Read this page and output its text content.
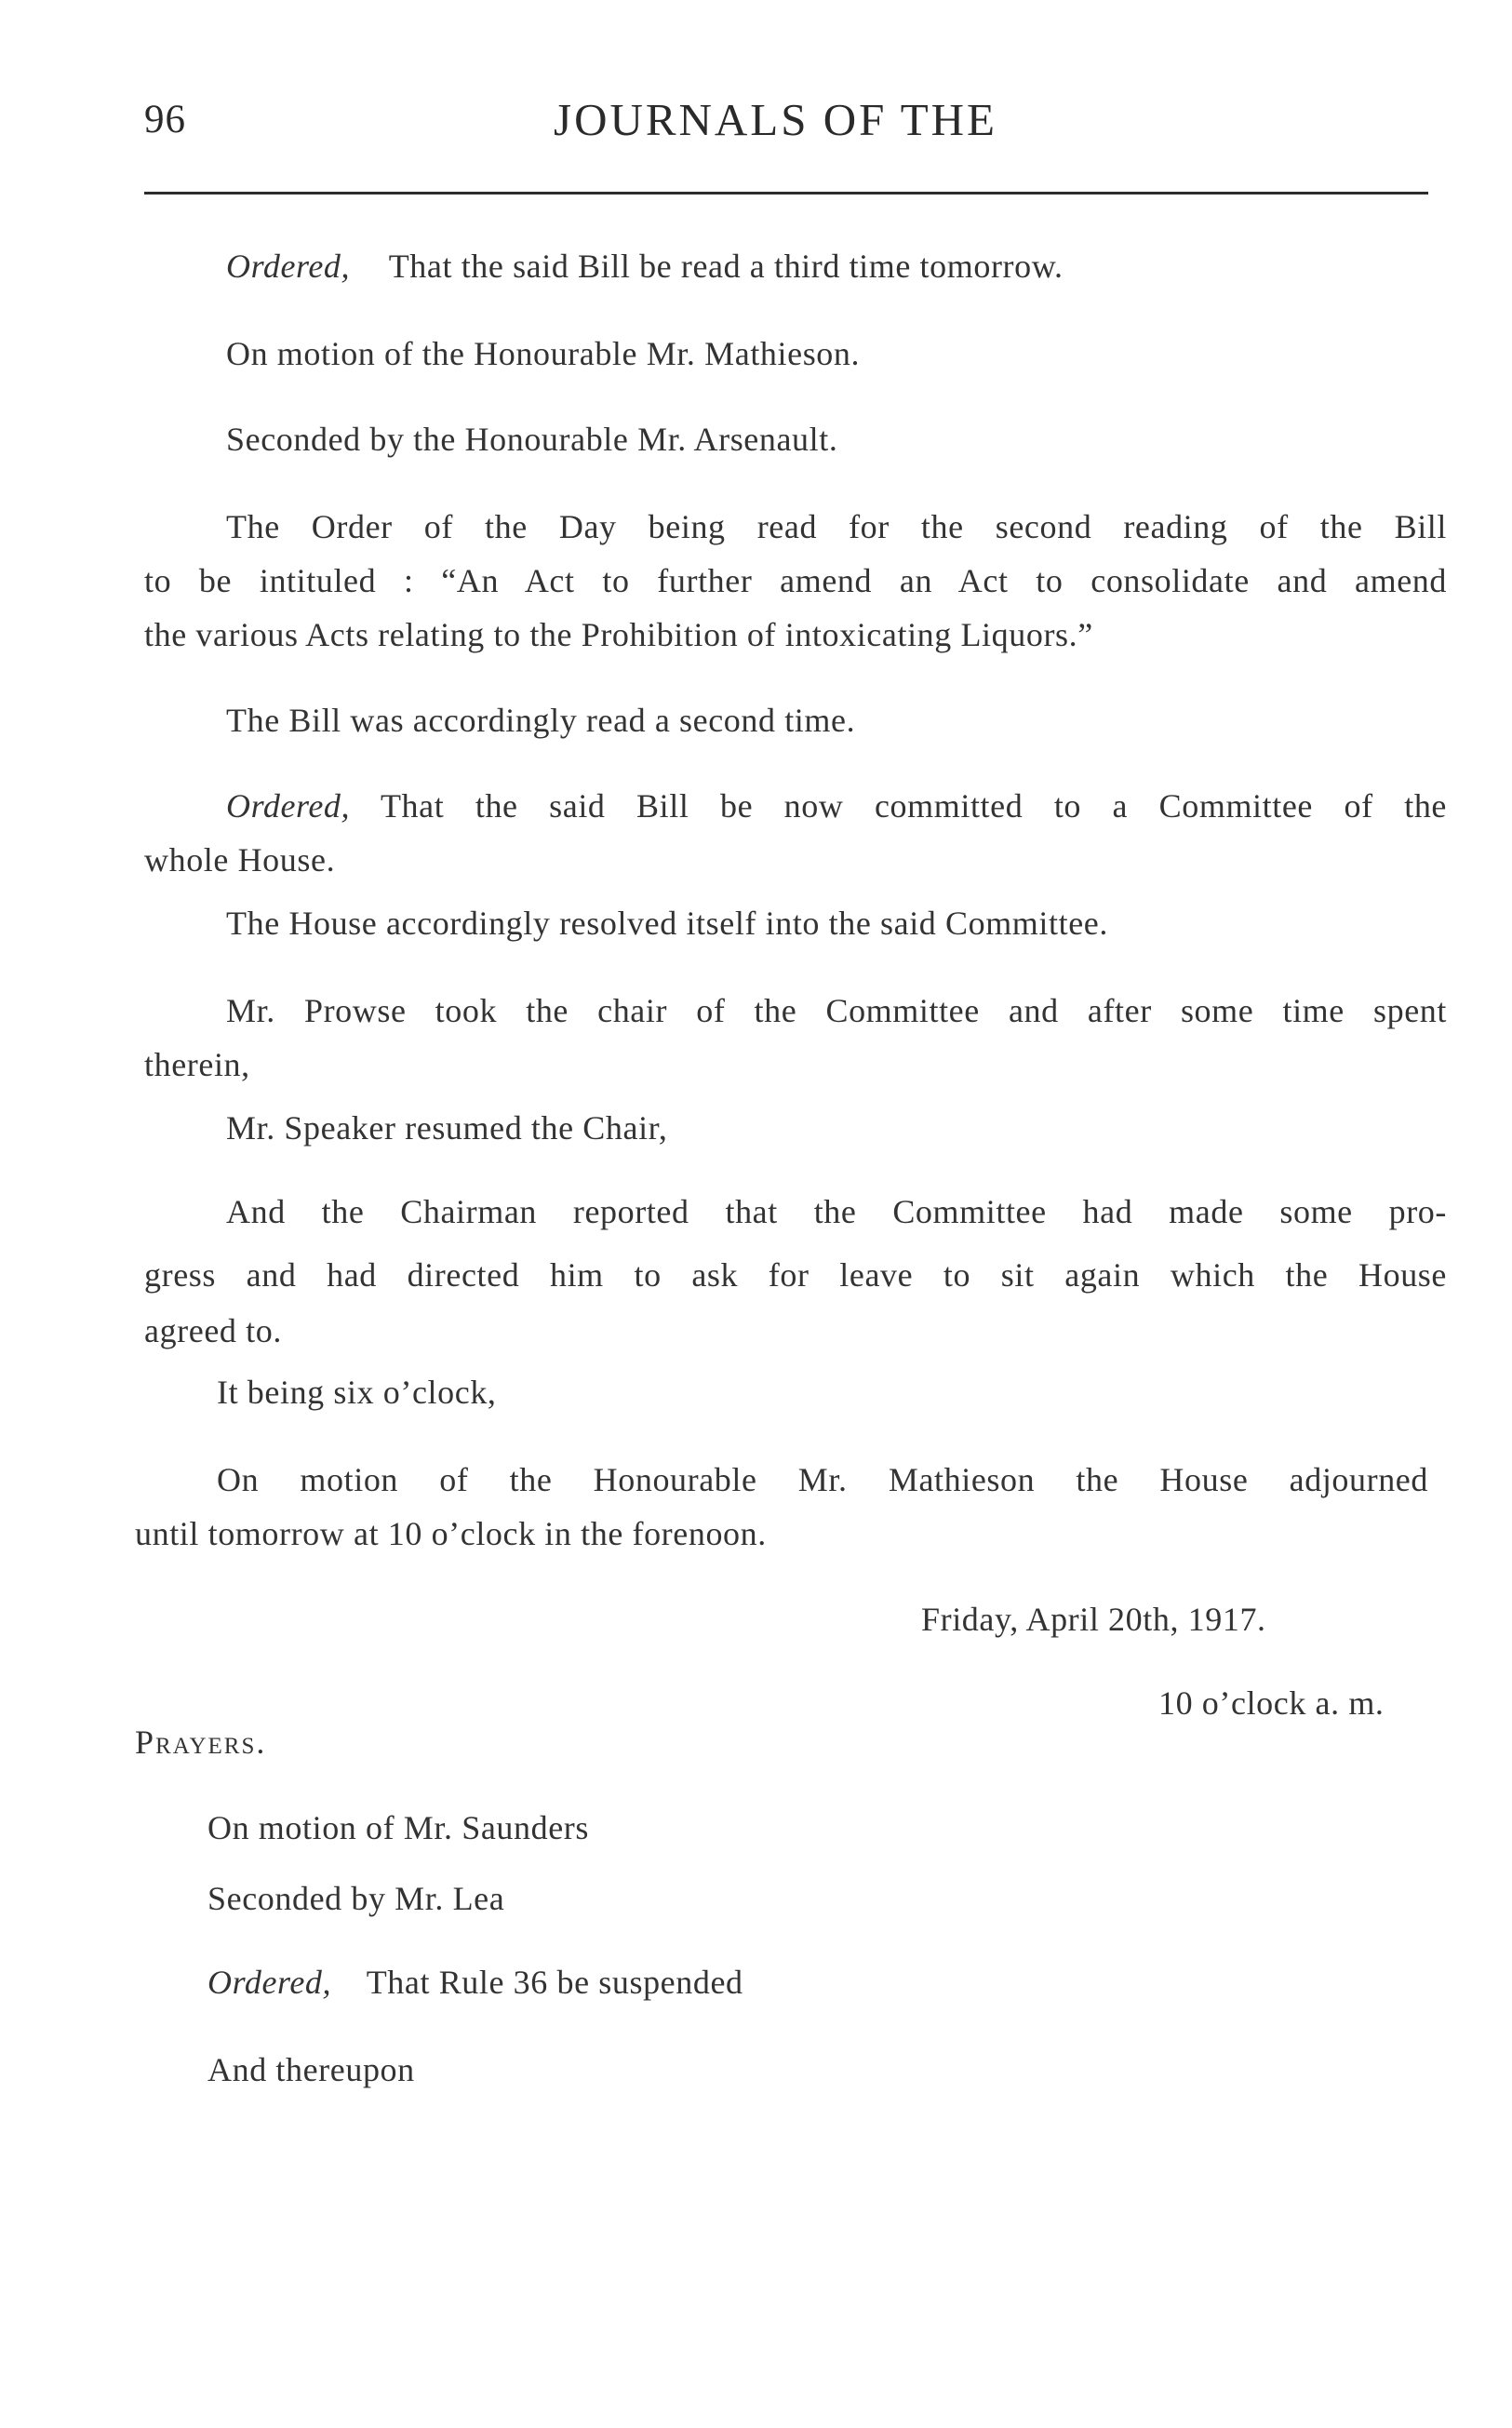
96	JOURNALS OF THE
Ordered, That the said Bill be read a third time tomorrow.
On motion of the Honourable Mr. Mathieson.
Seconded by the Honourable Mr. Arsenault.
The Order of the Day being read for the second reading of the Bill
to be intituled : “An Act to further amend an Act to consolidate and amend
the various Acts relating to the Prohibition of intoxicating Liquors.”
The Bill was accordingly read a second time.
Ordered, That the said Bill be now committed to a Committee of the
whole House.
The House accordingly resolved itself into the said Committee.
Mr. Prowse took the chair of the Committee and after some time spent
therein,
Mr. Speaker resumed the Chair,
And the Chairman reported that the Committee had made some pro-
gress and had directed him to ask for leave to sit again which the House
agreed to.
It being six o’clock,
On motion of the Honourable Mr. Mathieson the House adjourned
until tomorrow at 10 o’clock in the forenoon.
Friday, April 20th, 1917.
10 o’clock a. m.
Prayers.
On motion of Mr. Saunders
Seconded by Mr. Lea
Ordered, That Rule 36 be suspended
And thereupon
